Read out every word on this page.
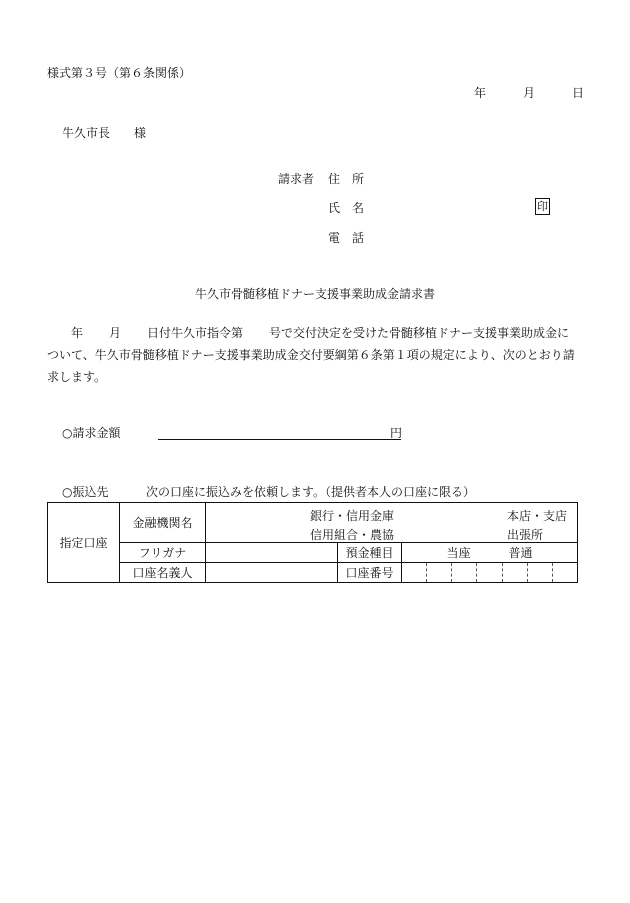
様式第３号（第６条関係）
年	月	日
牛久市長　　様
請求者 住　所
氏　名	印
電　話
牛久市骨髄移植ドナー支援事業助成金請求書
年 月 日付牛久市指令第 号で交付決定を受けた骨髄移植ドナー支援事業助成金に
ついて、牛久市骨髄移植ドナー支援事業助成金交付要綱第６条第１項の規定により、次のとおり請
求します。
○請求金額	円
○振込先	次の口座に振込みを依頼します。（提供者本人の口座に限る）
指定口座	金融機関名	銀行・信用金庫
信用組合・農協
本店・支店
出張所		

	フリガナ		預金種目	当座 普通
	口座名義人		口座番号	
